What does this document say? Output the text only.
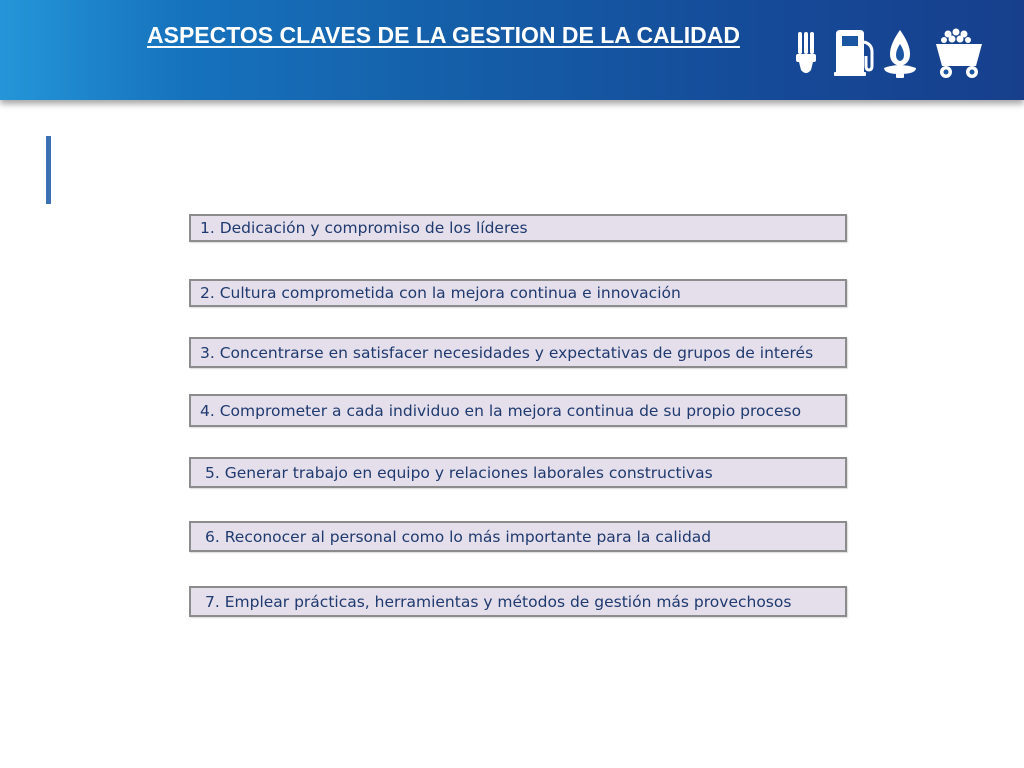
ASPECTOS CLAVES DE LA GESTION DE LA CALIDAD
1. Dedicación y compromiso de los líderes
2. Cultura comprometida con la mejora continua e innovación
3. Concentrarse en satisfacer necesidades y expectativas de grupos de interés
4. Comprometer a cada individuo en la mejora continua de su propio proceso
5. Generar trabajo en equipo y relaciones laborales constructivas
6. Reconocer al personal como lo más importante para la calidad
7. Emplear prácticas, herramientas y métodos de gestión más provechosos
